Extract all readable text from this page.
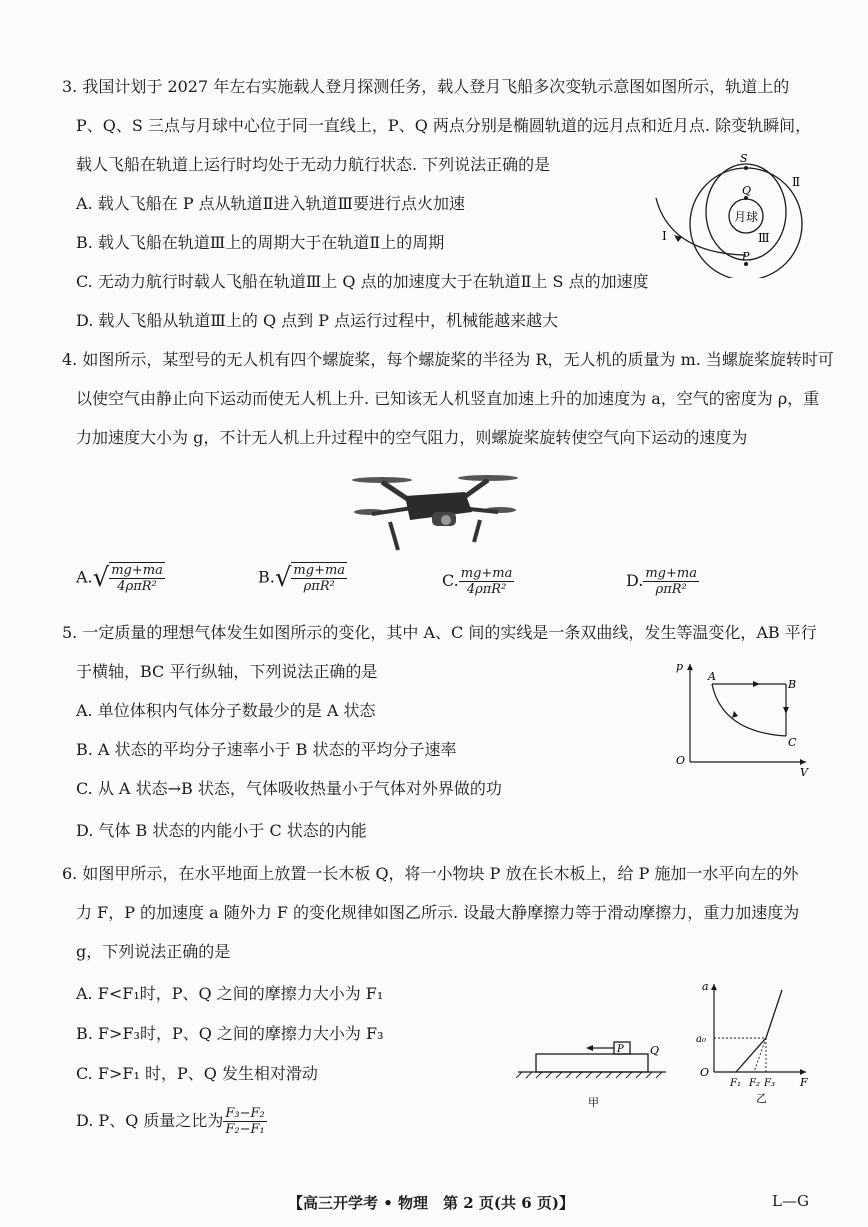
3. 我国计划于 2027 年左右实施载人登月探测任务，载人登月飞船多次变轨示意图如图所示，轨道上的
P、Q、S 三点与月球中心位于同一直线上，P、Q 两点分别是椭圆轨道的远月点和近月点. 除变轨瞬间，
载人飞船在轨道上运行时均处于无动力航行状态. 下列说法正确的是
A. 载人飞船在 P 点从轨道Ⅱ进入轨道Ⅲ要进行点火加速
B. 载人飞船在轨道Ⅲ上的周期大于在轨道Ⅱ上的周期
C. 无动力航行时载人飞船在轨道Ⅲ上 Q 点的加速度大于在轨道Ⅱ上 S 点的加速度
D. 载人飞船从轨道Ⅲ上的 Q 点到 P 点运行过程中，机械能越来越大
S
Q
P
月球
Ⅰ
Ⅱ
Ⅲ
4. 如图所示，某型号的无人机有四个螺旋桨，每个螺旋桨的半径为 R，无人机的质量为 m. 当螺旋桨旋转时可
以使空气由静止向下运动而使无人机上升. 已知该无人机竖直加速上升的加速度为 a，空气的密度为 ρ，重
力加速度大小为 g，不计无人机上升过程中的空气阻力，则螺旋桨旋转使空气向下运动的速度为
$A.√ \frac{mg+ma}{\text{4ρπR²}}$	$B.√ \frac{mg+ma}{\text{ρπR²}}$	C. $\frac{mg+ma}{\text{4ρπR²}}$	D. $\frac{mg+ma}{\text{ρπR²}}$
5. 一定质量的理想气体发生如图所示的变化，其中 A、C 间的实线是一条双曲线，发生等温变化，AB 平行
于横轴，BC 平行纵轴，下列说法正确的是
A. 单位体积内气体分子数最少的是 A 状态
B. A 状态的平均分子速率小于 B 状态的平均分子速率
C. 从 A 状态→B 状态，气体吸收热量小于气体对外界做的功
D. 气体 B 状态的内能小于 C 状态的内能
p
V
O
A
B
C
6. 如图甲所示，在水平地面上放置一长木板 Q，将一小物块 P 放在长木板上，给 P 施加一水平向左的外
力 F，P 的加速度 a 随外力 F 的变化规律如图乙所示. 设最大静摩擦力等于滑动摩擦力，重力加速度为
g，下列说法正确的是
A. F<F₁时，P、Q 之间的摩擦力大小为 F₁
B. F>F₃时，P、Q 之间的摩擦力大小为 F₃
C. F>F₁ 时，P、Q 发生相对滑动
D. P、Q 质量之比为 $\frac{\text{F₃−F₂}}{\text{F₂−F₁}}$
P Q
甲
a
a₀
O
F₁ F₂ F₃ F
乙
【高三开学考 • 物理　第 2 页(共 6 页)】	L—G
